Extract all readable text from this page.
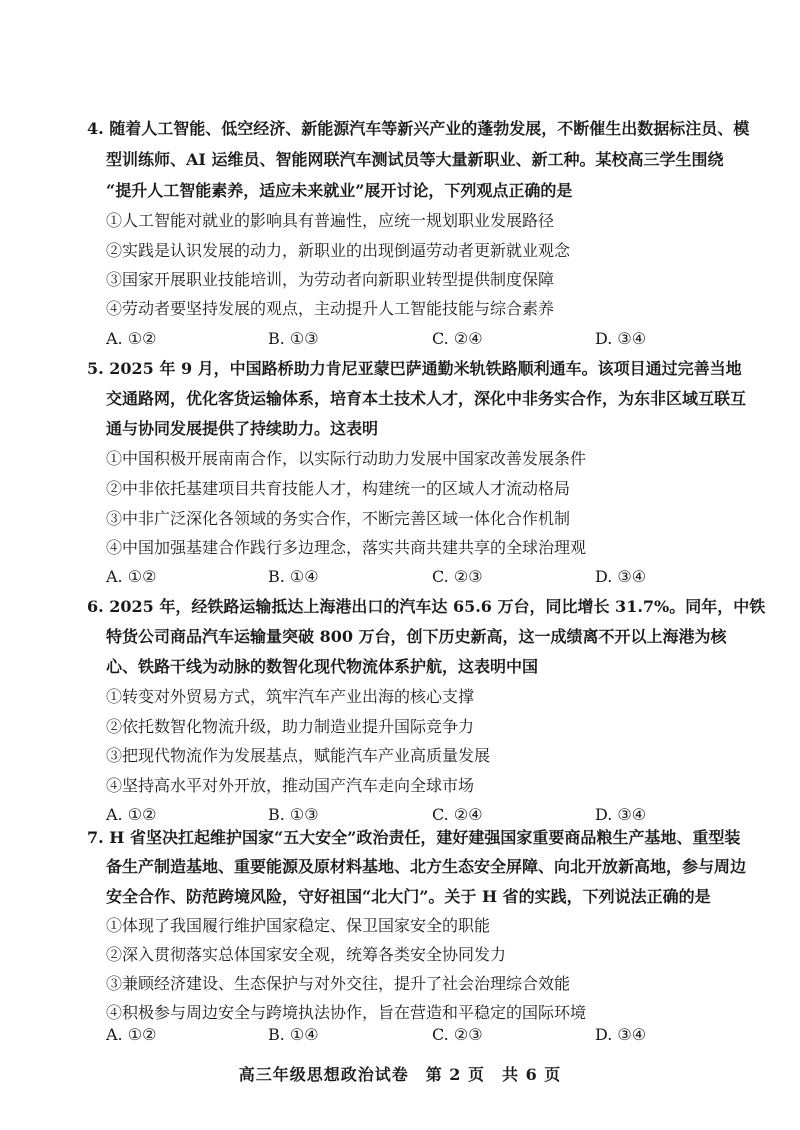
4. 随着人工智能、低空经济、新能源汽车等新兴产业的蓬勃发展，不断催生出数据标注员、模
型训练师、AI 运维员、智能网联汽车测试员等大量新职业、新工种。某校高三学生围绕
“提升人工智能素养，适应未来就业”展开讨论，下列观点正确的是
①人工智能对就业的影响具有普遍性，应统一规划职业发展路径
②实践是认识发展的动力，新职业的出现倒逼劳动者更新就业观念
③国家开展职业技能培训，为劳动者向新职业转型提供制度保障
④劳动者要坚持发展的观点，主动提升人工智能技能与综合素养
A. ①②	B. ①③	C. ②④	D. ③④
5. 2025 年 9 月，中国路桥助力肯尼亚蒙巴萨通勤米轨铁路顺利通车。该项目通过完善当地
交通路网，优化客货运输体系，培育本土技术人才，深化中非务实合作，为东非区域互联互
通与协同发展提供了持续助力。这表明
①中国积极开展南南合作，以实际行动助力发展中国家改善发展条件
②中非依托基建项目共育技能人才，构建统一的区域人才流动格局
③中非广泛深化各领域的务实合作，不断完善区域一体化合作机制
④中国加强基建合作践行多边理念，落实共商共建共享的全球治理观
A. ①②	B. ①④	C. ②③	D. ③④
6. 2025 年，经铁路运输抵达上海港出口的汽车达 65.6 万台，同比增长 31.7%。同年，中铁
特货公司商品汽车运输量突破 800 万台，创下历史新高，这一成绩离不开以上海港为核
心、铁路干线为动脉的数智化现代物流体系护航，这表明中国
①转变对外贸易方式，筑牢汽车产业出海的核心支撑
②依托数智化物流升级，助力制造业提升国际竞争力
③把现代物流作为发展基点，赋能汽车产业高质量发展
④坚持高水平对外开放，推动国产汽车走向全球市场
A. ①②	B. ①③	C. ②④	D. ③④
7. H 省坚决扛起维护国家“五大安全”政治责任，建好建强国家重要商品粮生产基地、重型装
备生产制造基地、重要能源及原材料基地、北方生态安全屏障、向北开放新高地，参与周边
安全合作、防范跨境风险，守好祖国“北大门”。关于 H 省的实践，下列说法正确的是
①体现了我国履行维护国家稳定、保卫国家安全的职能
②深入贯彻落实总体国家安全观，统筹各类安全协同发力
③兼顾经济建设、生态保护与对外交往，提升了社会治理综合效能
④积极参与周边安全与跨境执法协作，旨在营造和平稳定的国际环境
A. ①②	B. ①④	C. ②③	D. ③④
高三年级思想政治试卷　第 2 页　共 6 页
